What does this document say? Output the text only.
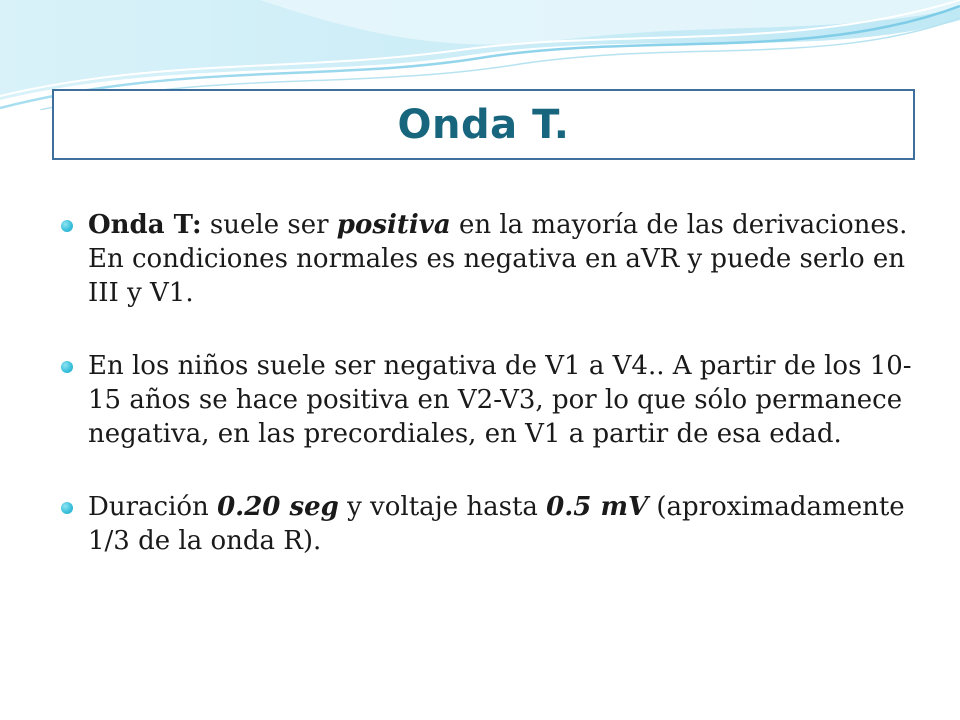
Onda T.
Onda T: suele ser positiva en la mayoría de las derivaciones. En condiciones normales es negativa en aVR y puede serlo en III y V1.
En los niños suele ser negativa de V1 a V4.. A partir de los 10-15 años se hace positiva en V2-V3, por lo que sólo permanece negativa, en las precordiales, en V1 a partir de esa edad.
Duración 0.20 seg y voltaje hasta 0.5 mV (aproximadamente 1/3 de la onda R).
